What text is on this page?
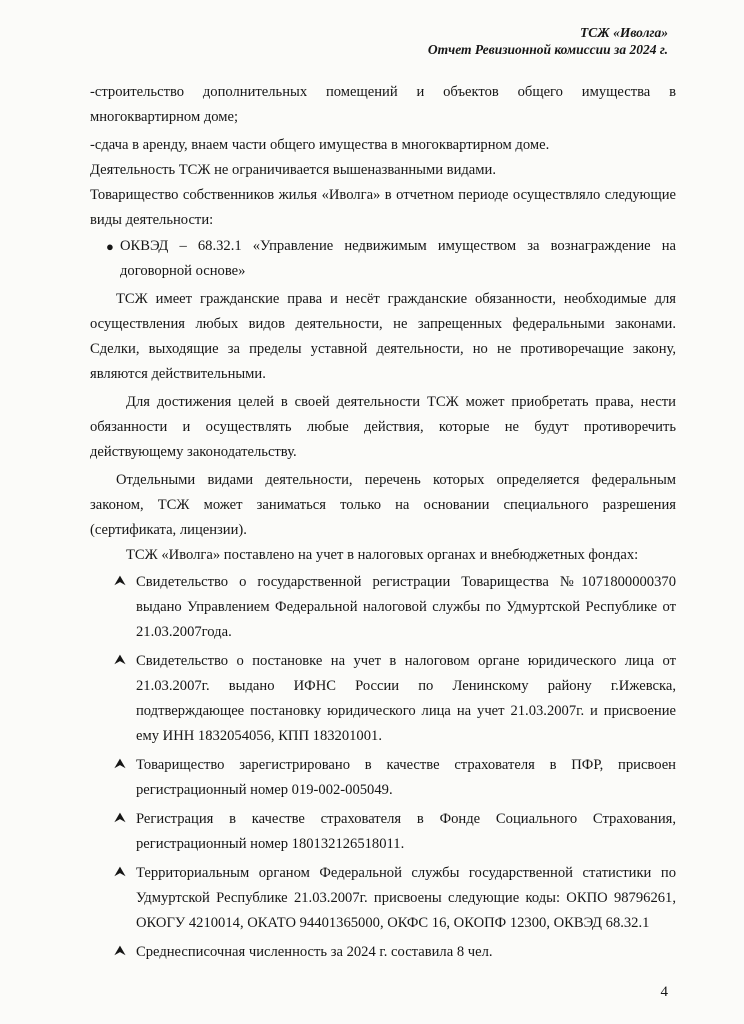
ТСЖ «Иволга»
Отчет Ревизионной комиссии за 2024 г.

-строительство дополнительных помещений и объектов общего имущества в многоквартирном доме;

-сдача в аренду, внаем части общего имущества в многоквартирном доме.

Деятельность ТСЖ не ограничивается вышеназванными видами.

Товарищество собственников жилья «Иволга» в отчетном периоде осуществляло следующие виды деятельности:

● ОКВЭД – 68.32.1 «Управление недвижимым имуществом за вознаграждение на договорной основе»

ТСЖ имеет гражданские права и несёт гражданские обязанности, необходимые для осуществления любых видов деятельности, не запрещенных федеральными законами. Сделки, выходящие за пределы уставной деятельности, но не противоречащие закону, являются действительными.

Для достижения целей в своей деятельности ТСЖ может приобретать права, нести обязанности и осуществлять любые действия, которые не будут противоречить действующему законодательству.

Отдельными видами деятельности, перечень которых определяется федеральным законом, ТСЖ может заниматься только на основании специального разрешения (сертификата, лицензии).

ТСЖ «Иволга» поставлено на учет в налоговых органах и внебюджетных фондах:

⮝ Свидетельство о государственной регистрации Товарищества №1071800000370 выдано Управлением Федеральной налоговой службы по Удмуртской Республике от 21.03.2007года.
⮝ Свидетельство о постановке на учет в налоговом органе юридического лица от 21.03.2007г. выдано ИФНС России по Ленинскому району г.Ижевска, подтверждающее постановку юридического лица на учет 21.03.2007г. и присвоение ему ИНН 1832054056, КПП 183201001.
⮝ Товарищество зарегистрировано в качестве страхователя в ПФР, присвоен регистрационный номер 019-002-005049.
⮝ Регистрация в качестве страхователя в Фонде Социального Страхования, регистрационный номер 180132126518011.
⮝ Территориальным органом Федеральной службы государственной статистики по Удмуртской Республике 21.03.2007г. присвоены следующие коды: ОКПО 98796261, ОКОГУ 4210014, ОКАТО 94401365000, ОКФС 16, ОКОПФ 12300, ОКВЭД 68.32.1
⮝ Среднесписочная численность за 2024 г. составила 8 чел.
4
